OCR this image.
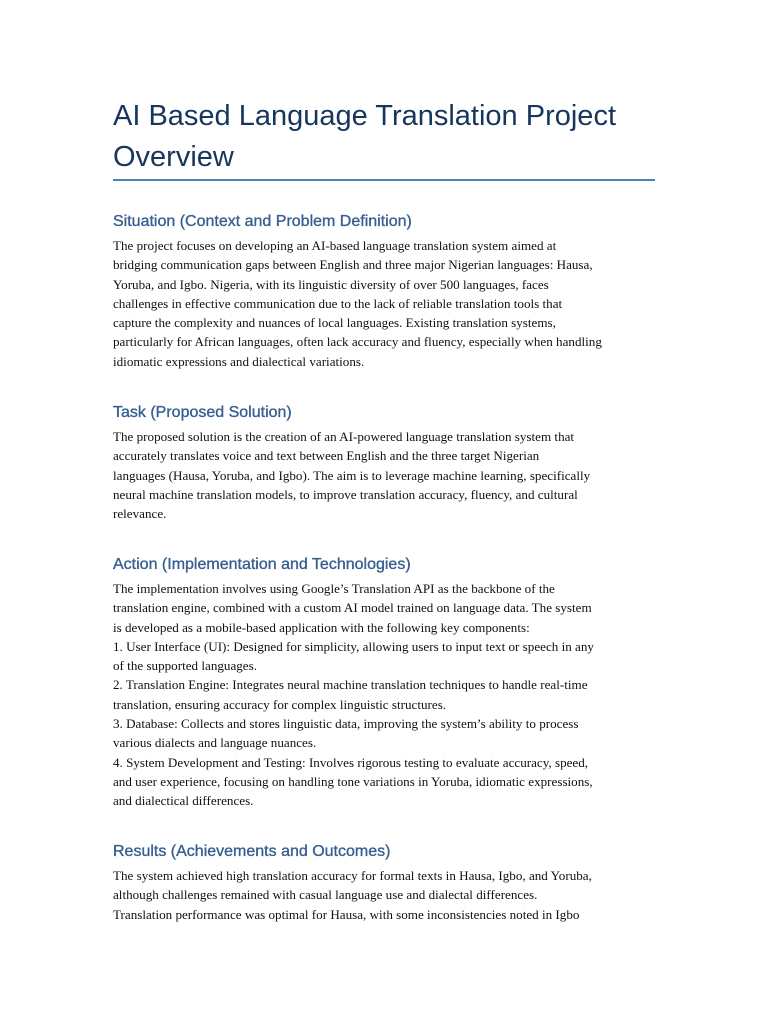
AI Based Language Translation Project
Overview
Situation (Context and Problem Definition)

The project focuses on developing an AI-based language translation system aimed at
bridging communication gaps between English and three major Nigerian languages: Hausa,
Yoruba, and Igbo. Nigeria, with its linguistic diversity of over 500 languages, faces
challenges in effective communication due to the lack of reliable translation tools that
capture the complexity and nuances of local languages. Existing translation systems,
particularly for African languages, often lack accuracy and fluency, especially when handling
idiomatic expressions and dialectical variations.

Task (Proposed Solution)

The proposed solution is the creation of an AI-powered language translation system that
accurately translates voice and text between English and the three target Nigerian
languages (Hausa, Yoruba, and Igbo). The aim is to leverage machine learning, specifically
neural machine translation models, to improve translation accuracy, fluency, and cultural
relevance.

Action (Implementation and Technologies)

The implementation involves using Google’s Translation API as the backbone of the
translation engine, combined with a custom AI model trained on language data. The system
is developed as a mobile-based application with the following key components:
1. User Interface (UI): Designed for simplicity, allowing users to input text or speech in any
of the supported languages.
2. Translation Engine: Integrates neural machine translation techniques to handle real-time
translation, ensuring accuracy for complex linguistic structures.
3. Database: Collects and stores linguistic data, improving the system’s ability to process
various dialects and language nuances.
4. System Development and Testing: Involves rigorous testing to evaluate accuracy, speed,
and user experience, focusing on handling tone variations in Yoruba, idiomatic expressions,
and dialectical differences.

Results (Achievements and Outcomes)

The system achieved high translation accuracy for formal texts in Hausa, Igbo, and Yoruba,
although challenges remained with casual language use and dialectal differences.
Translation performance was optimal for Hausa, with some inconsistencies noted in Igbo
